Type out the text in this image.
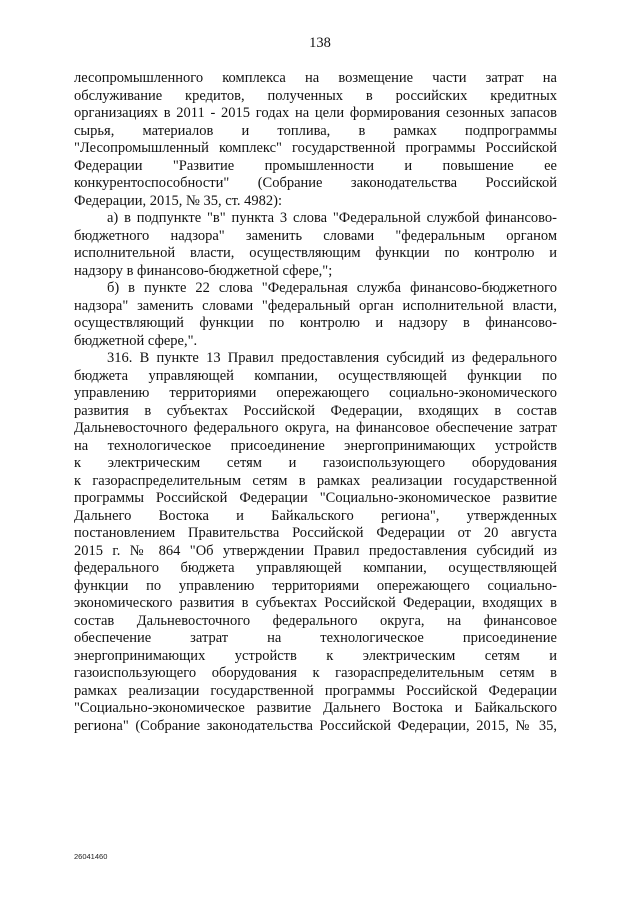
138
лесопромышленного комплекса на возмещение части затрат на
обслуживание кредитов, полученных в российских кредитных
организациях в 2011 - 2015 годах на цели формирования сезонных запасов
сырья, материалов и топлива, в рамках подпрограммы
"Лесопромышленный комплекс" государственной программы Российской
Федерации "Развитие промышленности и повышение ее
конкурентоспособности" (Собрание законодательства Российской
Федерации, 2015, № 35, ст. 4982):
а) в подпункте "в" пункта 3 слова "Федеральной службой финансово-
бюджетного надзора" заменить словами "федеральным органом
исполнительной власти, осуществляющим функции по контролю и
надзору в финансово-бюджетной сфере,";
б) в пункте 22 слова "Федеральная служба финансово-бюджетного
надзора" заменить словами "федеральный орган исполнительной власти,
осуществляющий функции по контролю и надзору в финансово-
бюджетной сфере,".
316. В пункте 13 Правил предоставления субсидий из федерального
бюджета управляющей компании, осуществляющей функции по
управлению территориями опережающего социально-экономического
развития в субъектах Российской Федерации, входящих в состав
Дальневосточного федерального округа, на финансовое обеспечение затрат
на технологическое присоединение энергопринимающих устройств
к электрическим сетям и газоиспользующего оборудования
к газораспределительным сетям в рамках реализации государственной
программы Российской Федерации "Социально-экономическое развитие
Дальнего Востока и Байкальского региона", утвержденных
постановлением Правительства Российской Федерации от 20 августа
2015 г. № 864 "Об утверждении Правил предоставления субсидий из
федерального бюджета управляющей компании, осуществляющей
функции по управлению территориями опережающего социально-
экономического развития в субъектах Российской Федерации, входящих в
состав Дальневосточного федерального округа, на финансовое
обеспечение затрат на технологическое присоединение
энергопринимающих устройств к электрическим сетям и
газоиспользующего оборудования к газораспределительным сетям в
рамках реализации государственной программы Российской Федерации
"Социально-экономическое развитие Дальнего Востока и Байкальского
региона" (Собрание законодательства Российской Федерации, 2015, № 35,
26041460
